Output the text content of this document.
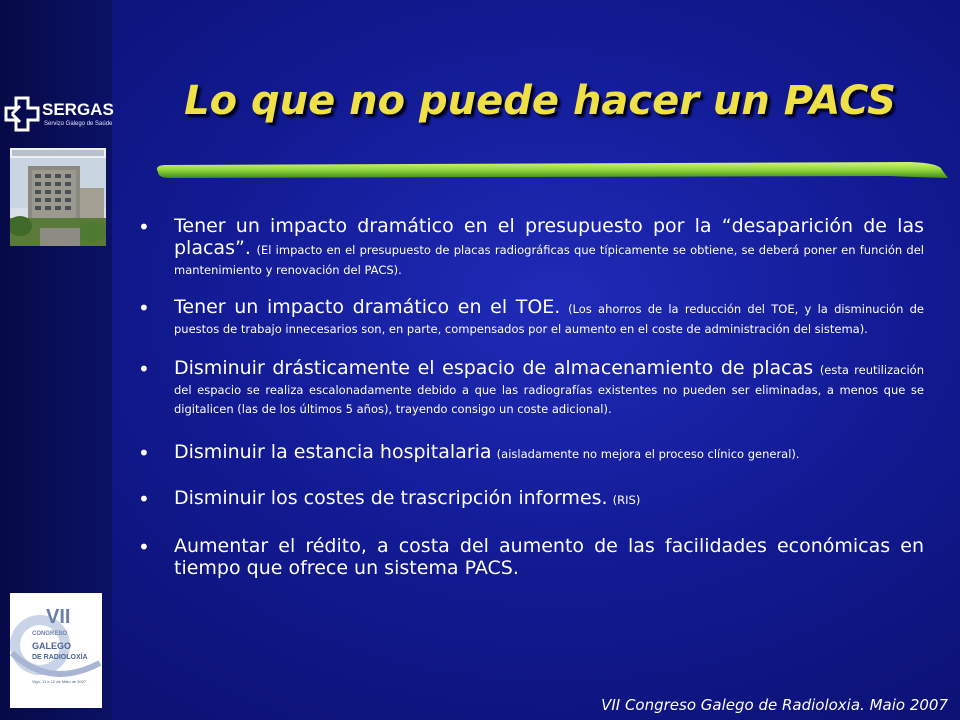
SERGAS
Servizo Galego de Saúde
VII
CONGRESO
GALEGO
DE RADIOLOXÍA
Vigo, 11 e 12 de Maio de 2007
Lo que no puede hacer un PACS
• Tener un impacto dramático en el presupuesto por la “desaparición de las placas”. (El impacto en el presupuesto de placas radiográficas que típicamente se obtiene, se deberá poner en función del mantenimiento y renovación del PACS).
• Tener un impacto dramático en el TOE. (Los ahorros de la reducción del TOE, y la disminución de puestos de trabajo innecesarios son, en parte, compensados por el aumento en el coste de administración del sistema).
• Disminuir drásticamente el espacio de almacenamiento de placas (esta reutilización del espacio se realiza escalonadamente debido a que las radiografías existentes no pueden ser eliminadas, a menos que se digitalicen (las de los últimos 5 años), trayendo consigo un coste adicional).
• Disminuir la estancia hospitalaria (aisladamente no mejora el proceso clínico general).
• Disminuir los costes de trascripción informes. (RIS)
• Aumentar el rédito, a costa del aumento de las facilidades económicas en tiempo que ofrece un sistema PACS.
VII Congreso Galego de Radioloxia. Maio 2007
